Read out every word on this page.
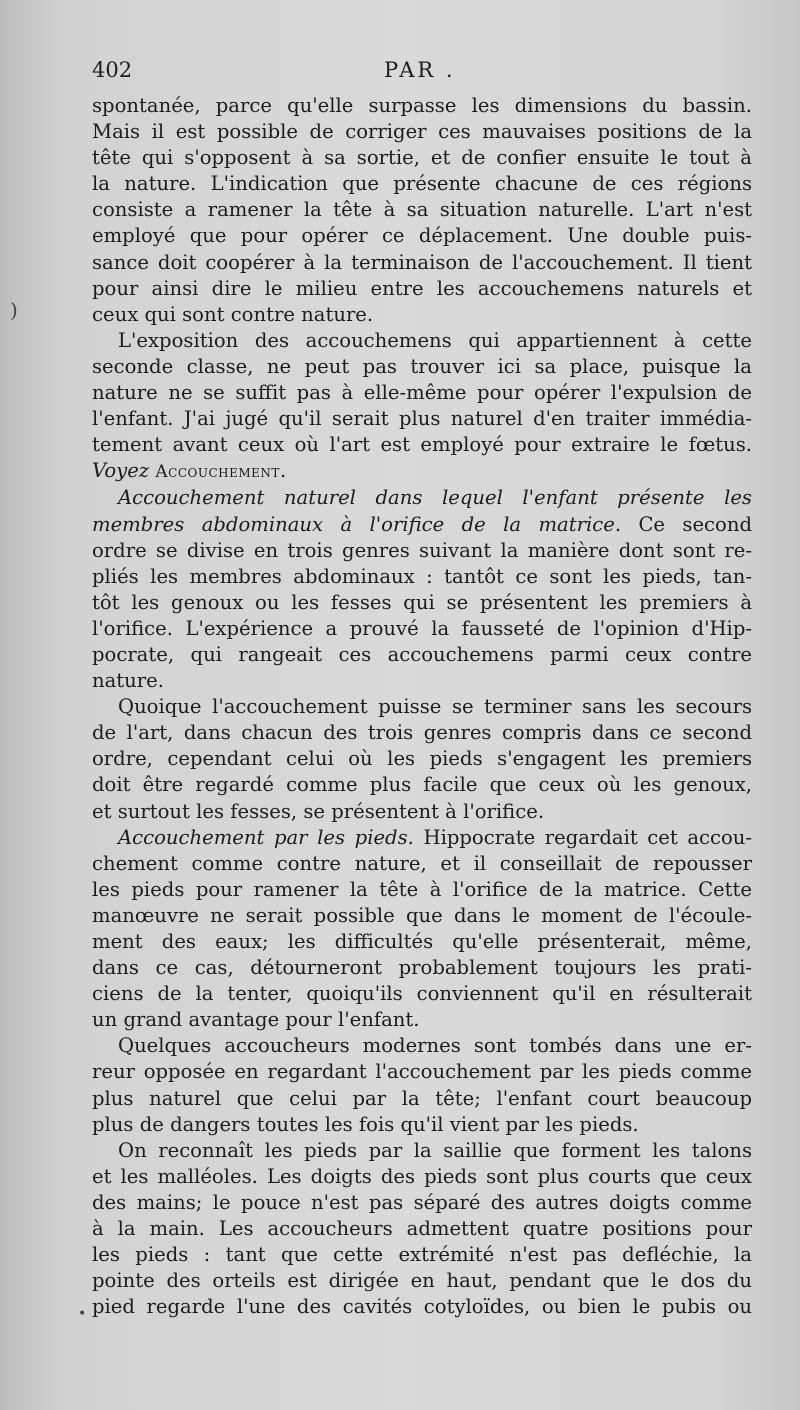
402	PAR .
spontanée, parce qu'elle surpasse les dimensions du bassin.
Mais il est possible de corriger ces mauvaises positions de la
tête qui s'opposent à sa sortie, et de confier ensuite le tout à
la nature. L'indication que présente chacune de ces régions
consiste a ramener la tête à sa situation naturelle. L'art n'est
employé que pour opérer ce déplacement. Une double puis-
sance doit coopérer à la terminaison de l'accouchement. Il tient
pour ainsi dire le milieu entre les accouchemens naturels et
ceux qui sont contre nature.
L'exposition des accouchemens qui appartiennent à cette
seconde classe, ne peut pas trouver ici sa place, puisque la
nature ne se suffit pas à elle-même pour opérer l'expulsion de
l'enfant. J'ai jugé qu'il serait plus naturel d'en traiter immédia-
tement avant ceux où l'art est employé pour extraire le fœtus.
Voyez Accouchement.
Accouchement naturel dans lequel l'enfant présente les
membres abdominaux à l'orifice de la matrice. Ce second
ordre se divise en trois genres suivant la manière dont sont re-
pliés les membres abdominaux : tantôt ce sont les pieds, tan-
tôt les genoux ou les fesses qui se présentent les premiers à
l'orifice. L'expérience a prouvé la fausseté de l'opinion d'Hip-
pocrate, qui rangeait ces accouchemens parmi ceux contre
nature.
Quoique l'accouchement puisse se terminer sans les secours
de l'art, dans chacun des trois genres compris dans ce second
ordre, cependant celui où les pieds s'engagent les premiers
doit être regardé comme plus facile que ceux où les genoux,
et surtout les fesses, se présentent à l'orifice.
Accouchement par les pieds. Hippocrate regardait cet accou-
chement comme contre nature, et il conseillait de repousser
les pieds pour ramener la tête à l'orifice de la matrice. Cette
manœuvre ne serait possible que dans le moment de l'écoule-
ment des eaux; les difficultés qu'elle présenterait, même,
dans ce cas, détourneront probablement toujours les prati-
ciens de la tenter, quoiqu'ils conviennent qu'il en résulterait
un grand avantage pour l'enfant.
Quelques accoucheurs modernes sont tombés dans une er-
reur opposée en regardant l'accouchement par les pieds comme
plus naturel que celui par la tête; l'enfant court beaucoup
plus de dangers toutes les fois qu'il vient par les pieds.
On reconnaît les pieds par la saillie que forment les talons
et les malléoles. Les doigts des pieds sont plus courts que ceux
des mains; le pouce n'est pas séparé des autres doigts comme
à la main. Les accoucheurs admettent quatre positions pour
les pieds : tant que cette extrémité n'est pas defléchie, la
pointe des orteils est dirigée en haut, pendant que le dos du
pied regarde l'une des cavités cotyloïdes, ou bien le pubis ou
)
•
